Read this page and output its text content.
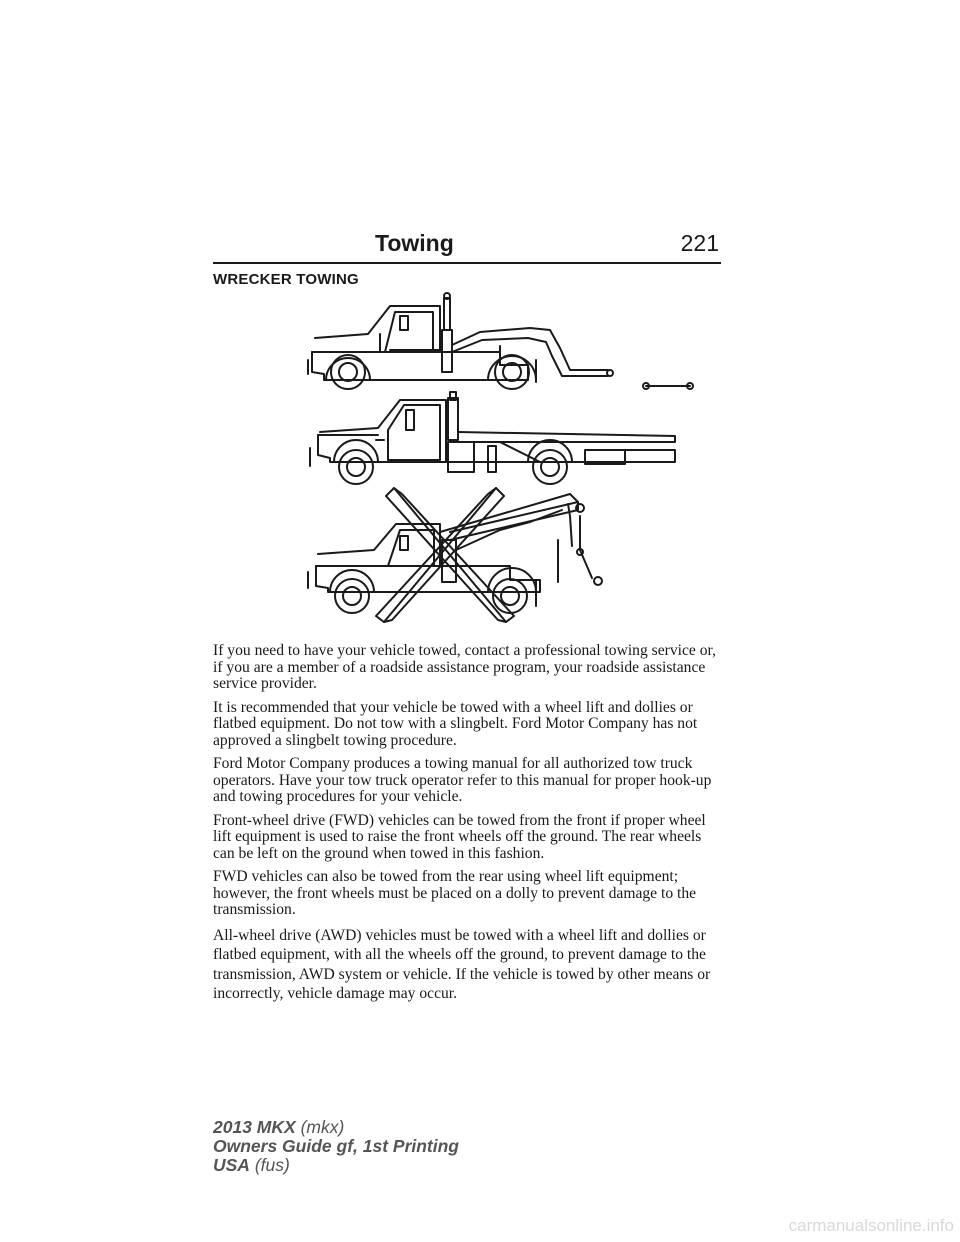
Towing	221
WRECKER TOWING

If you need to have your vehicle towed, contact a professional towing service or, if you are a member of a roadside assistance program, your roadside assistance service provider.

It is recommended that your vehicle be towed with a wheel lift and dollies or flatbed equipment. Do not tow with a slingbelt. Ford Motor Company has not approved a slingbelt towing procedure.

Ford Motor Company produces a towing manual for all authorized tow truck operators. Have your tow truck operator refer to this manual for proper hook-up and towing procedures for your vehicle.

Front-wheel drive (FWD) vehicles can be towed from the front if proper wheel lift equipment is used to raise the front wheels off the ground. The rear wheels can be left on the ground when towed in this fashion.

FWD vehicles can also be towed from the rear using wheel lift equipment; however, the front wheels must be placed on a dolly to prevent damage to the transmission.

All-wheel drive (AWD) vehicles must be towed with a wheel lift and dollies or flatbed equipment, with all the wheels off the ground, to prevent damage to the transmission, AWD system or vehicle. If the vehicle is towed by other means or incorrectly, vehicle damage may occur.

2013 MKX (mkx)
Owners Guide gf, 1st Printing
USA (fus)
carmanualsonline.info
